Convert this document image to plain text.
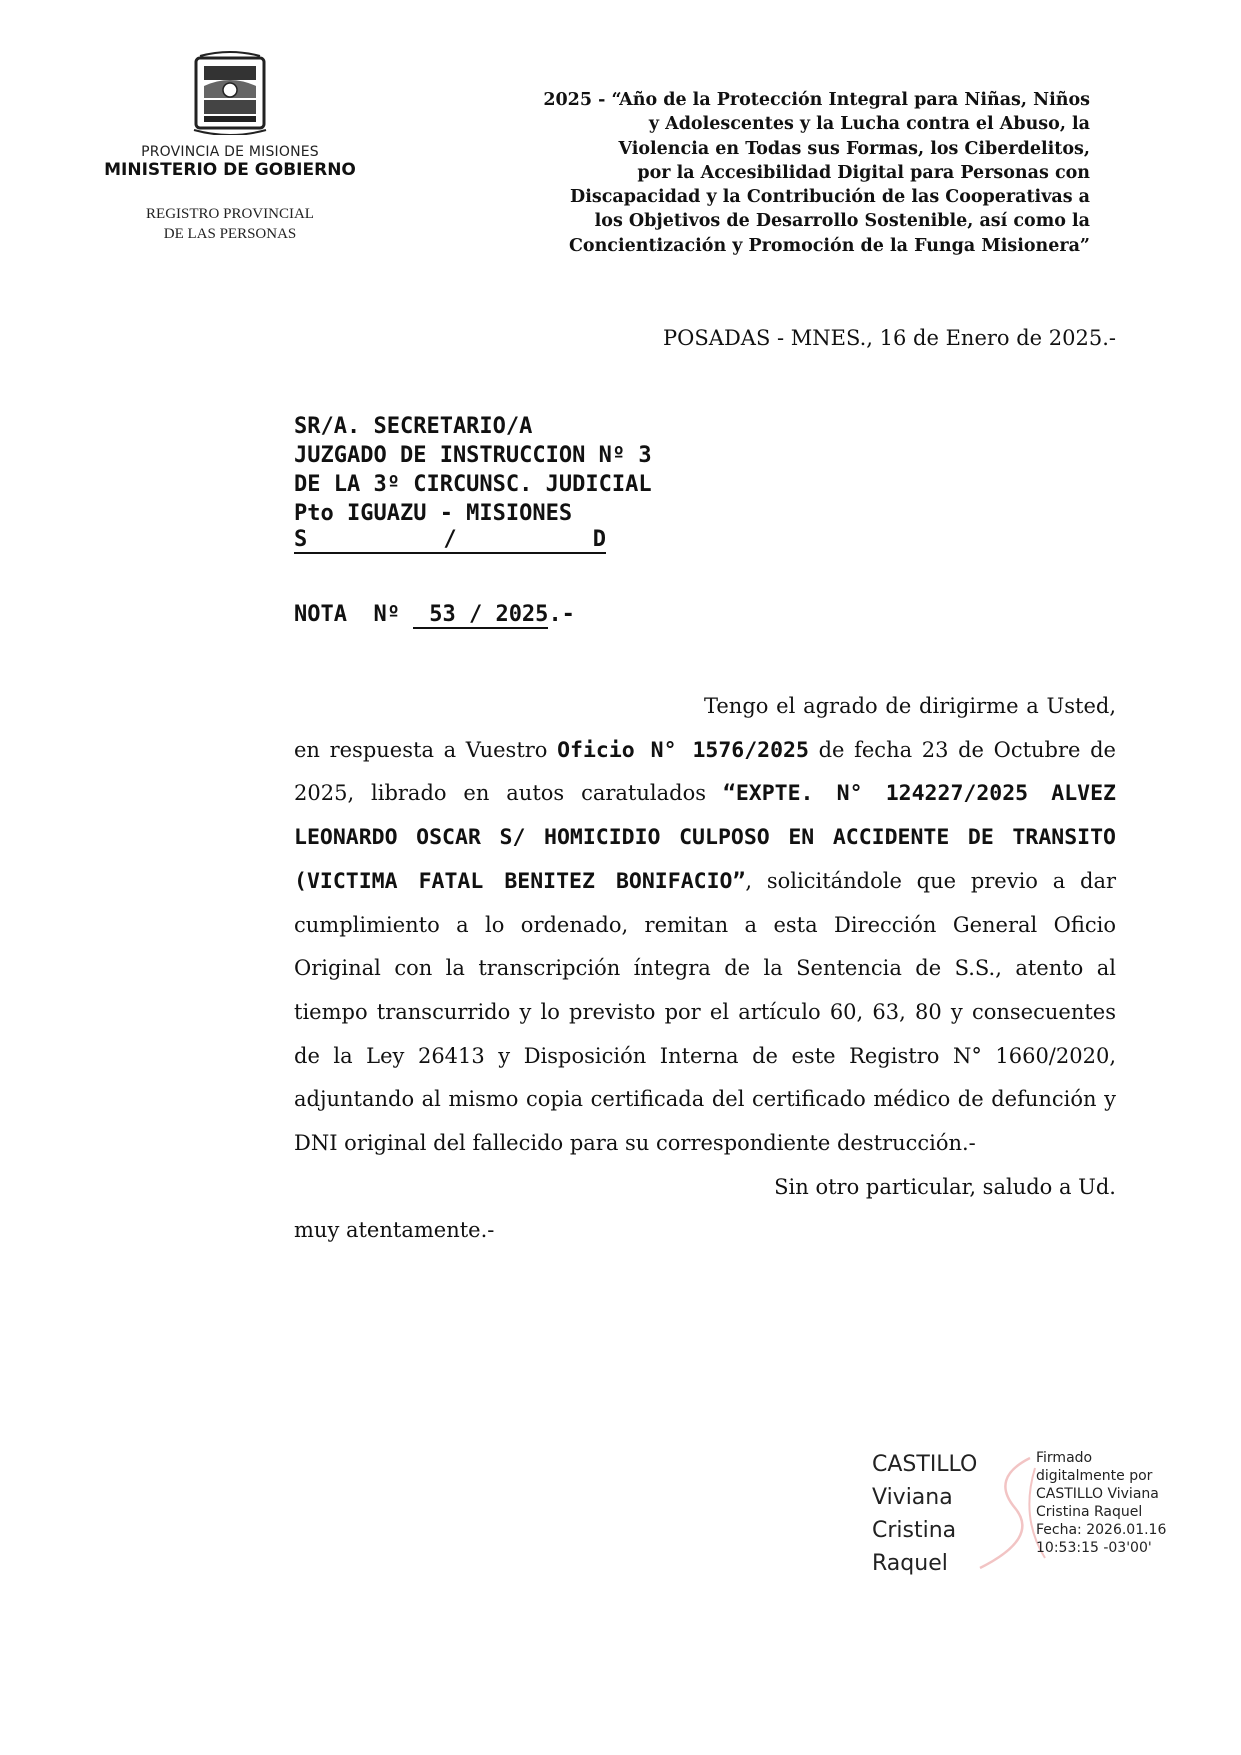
PROVINCIA DE MISIONES
MINISTERIO DE GOBIERNO
REGISTRO PROVINCIAL
DE LAS PERSONAS
2025 - “Año de la Protección Integral para Niñas, Niños
y Adolescentes y la Lucha contra el Abuso, la
Violencia en Todas sus Formas, los Ciberdelitos,
por la Accesibilidad Digital para Personas con
Discapacidad y la Contribución de las Cooperativas a
los Objetivos de Desarrollo Sostenible, así como la
Concientización y Promoción de la Funga Misionera”
POSADAS - MNES., 16 de Enero de 2025.-
SR/A. SECRETARIO/A
JUZGADO DE INSTRUCCION Nº 3
DE LA 3º CIRCUNSC. JUDICIAL
Pto IGUAZU - MISIONES
S	/	D
NOTA  Nº 53 / 2025.-
Tengo el agrado de dirigirme a Usted, en respuesta a Vuestro Oficio N° 1576/2025 de fecha 23 de Octubre de 2025, librado en autos caratulados “EXPTE. N° 124227/2025 ALVEZ LEONARDO OSCAR S/ HOMICIDIO CULPOSO EN ACCIDENTE DE TRANSITO (VICTIMA FATAL BENITEZ BONIFACIO”, solicitándole que previo a dar cumplimiento a lo ordenado, remitan a esta Dirección General Oficio Original con la transcripción íntegra de la Sentencia de S.S., atento al tiempo transcurrido y lo previsto por el artículo 60, 63, 80 y consecuentes de la Ley 26413 y Disposición Interna de este Registro N° 1660/2020, adjuntando al mismo copia certificada del certificado médico de defunción y DNI original del fallecido para su correspondiente destrucción.-
Sin otro particular, saludo a Ud.
muy atentamente.-
CASTILLO
Viviana
Cristina
Raquel
Firmado
digitalmente por
CASTILLO Viviana
Cristina Raquel
Fecha: 2026.01.16
10:53:15 -03'00'
